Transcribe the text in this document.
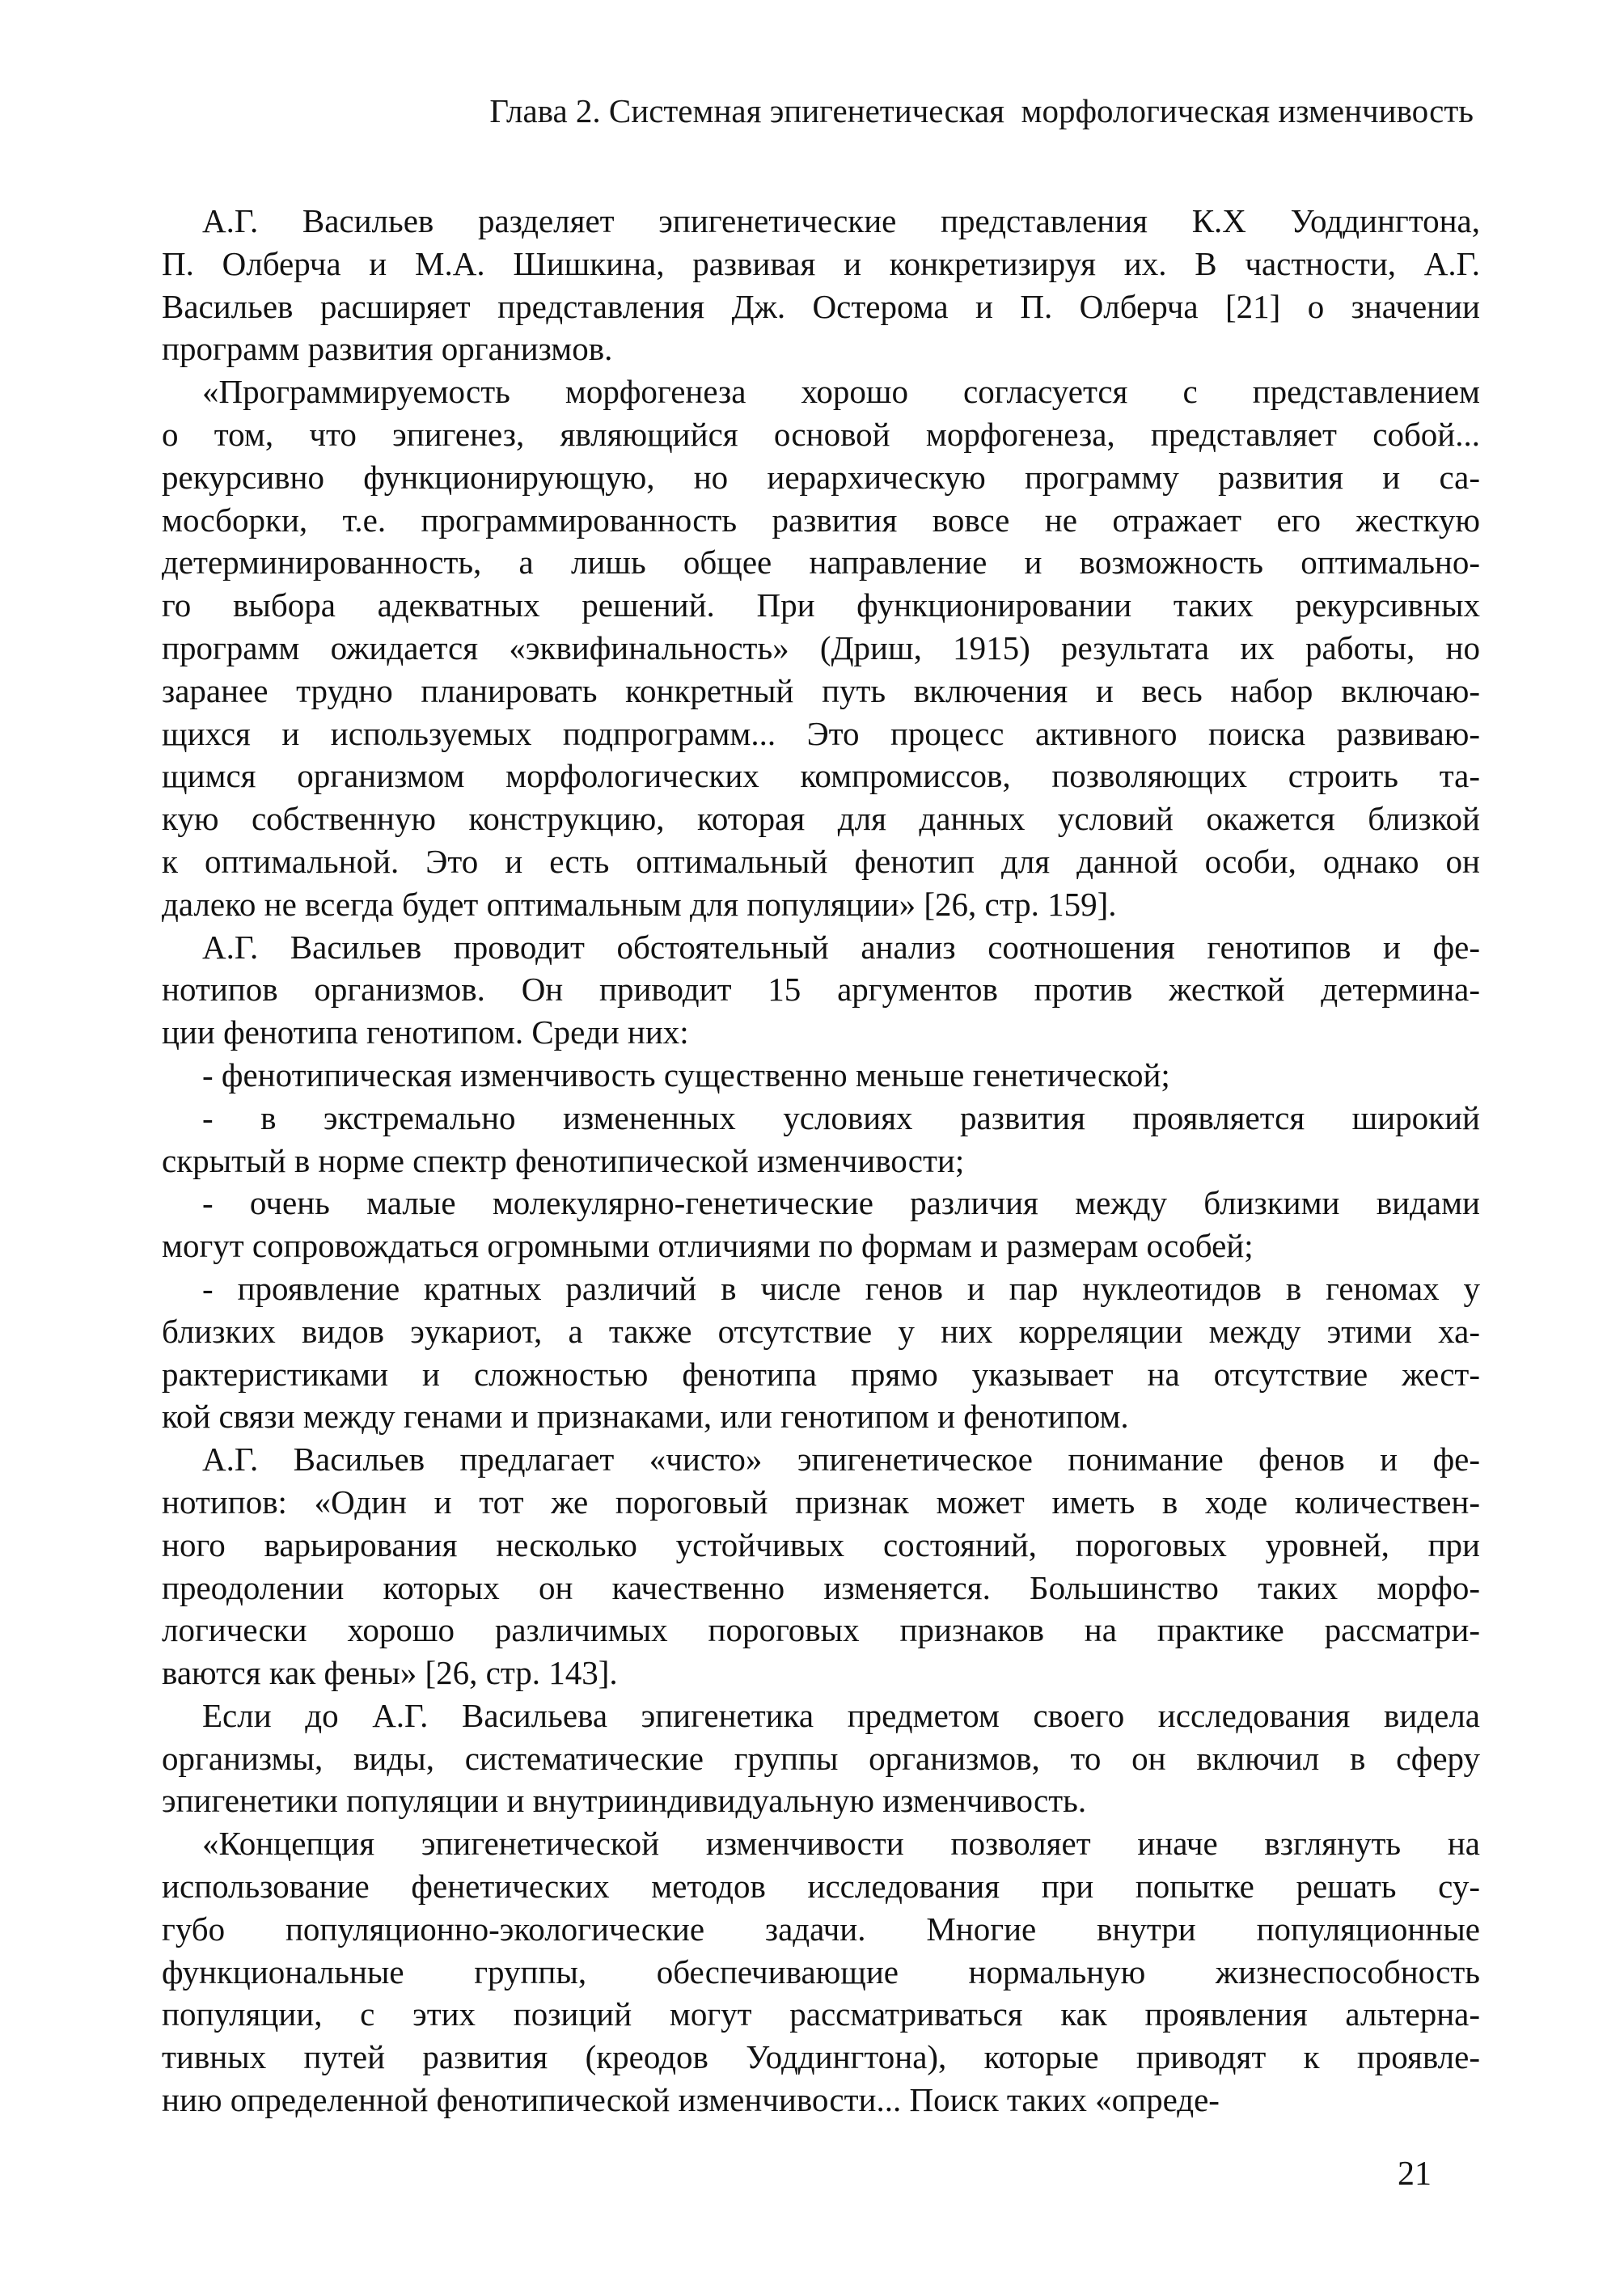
Глава 2. Системная эпигенетическая  морфологическая изменчивость
А.Г. Васильев разделяет эпигенетические представления К.Х Уоддингтона,
П. Олберча и М.А. Шишкина, развивая и конкретизируя их. В частности, А.Г.
Васильев расширяет представления Дж. Остерома и П. Олберча [21] о значении
программ развития организмов.
«Программируемость морфогенеза хорошо согласуется с представлением
о том, что эпигенез, являющийся основой морфогенеза, представляет собой...
рекурсивно функционирующую, но иерархическую программу развития и са-
мосборки, т.е. программированность развития вовсе не отражает его жесткую
детерминированность, а лишь общее направление и возможность оптимально-
го выбора адекватных решений. При функционировании таких рекурсивных
программ ожидается «эквифинальность» (Дриш, 1915) результата их работы, но
заранее трудно планировать конкретный путь включения и весь набор включаю-
щихся и используемых подпрограмм... Это процесс активного поиска развиваю-
щимся организмом морфологических компромиссов, позволяющих строить та-
кую собственную конструкцию, которая для данных условий окажется близкой
к оптимальной. Это и есть оптимальный фенотип для данной особи, однако он
далеко не всегда будет оптимальным для популяции» [26, стр. 159].
А.Г. Васильев проводит обстоятельный анализ соотношения генотипов и фе-
нотипов организмов. Он приводит 15 аргументов против жесткой детермина-
ции фенотипа генотипом. Среди них:
- фенотипическая изменчивость существенно меньше генетической;
- в экстремально измененных условиях развития проявляется широкий
скрытый в норме спектр фенотипической изменчивости;
- очень малые молекулярно-генетические различия между близкими видами
могут сопровождаться огромными отличиями по формам и размерам особей;
- проявление кратных различий в числе генов и пар нуклеотидов в геномах у
близких видов эукариот, а также отсутствие у них корреляции между этими ха-
рактеристиками и сложностью фенотипа прямо указывает на отсутствие жест-
кой связи между генами и признаками, или генотипом и фенотипом.
А.Г. Васильев предлагает «чисто» эпигенетическое понимание фенов и фе-
нотипов: «Один и тот же пороговый признак может иметь в ходе количествен-
ного варьирования несколько устойчивых состояний, пороговых уровней, при
преодолении которых он качественно изменяется. Большинство таких морфо-
логически хорошо различимых пороговых признаков на практике рассматри-
ваются как фены» [26, стр. 143].
Если до А.Г. Васильева эпигенетика предметом своего исследования видела
организмы, виды, систематические группы организмов, то он включил в сферу
эпигенетики популяции и внутрииндивидуальную изменчивость.
«Концепция эпигенетической изменчивости позволяет иначе взглянуть на
использование фенетических методов исследования при попытке решать су-
губо популяционно-экологические задачи. Многие внутри популяционные
функциональные группы, обеспечивающие нормальную жизнеспособность
популяции, с этих позиций могут рассматриваться как проявления альтерна-
тивных путей развития (креодов Уоддингтона), которые приводят к проявле-
нию определенной фенотипической изменчивости... Поиск таких «опреде-
21
